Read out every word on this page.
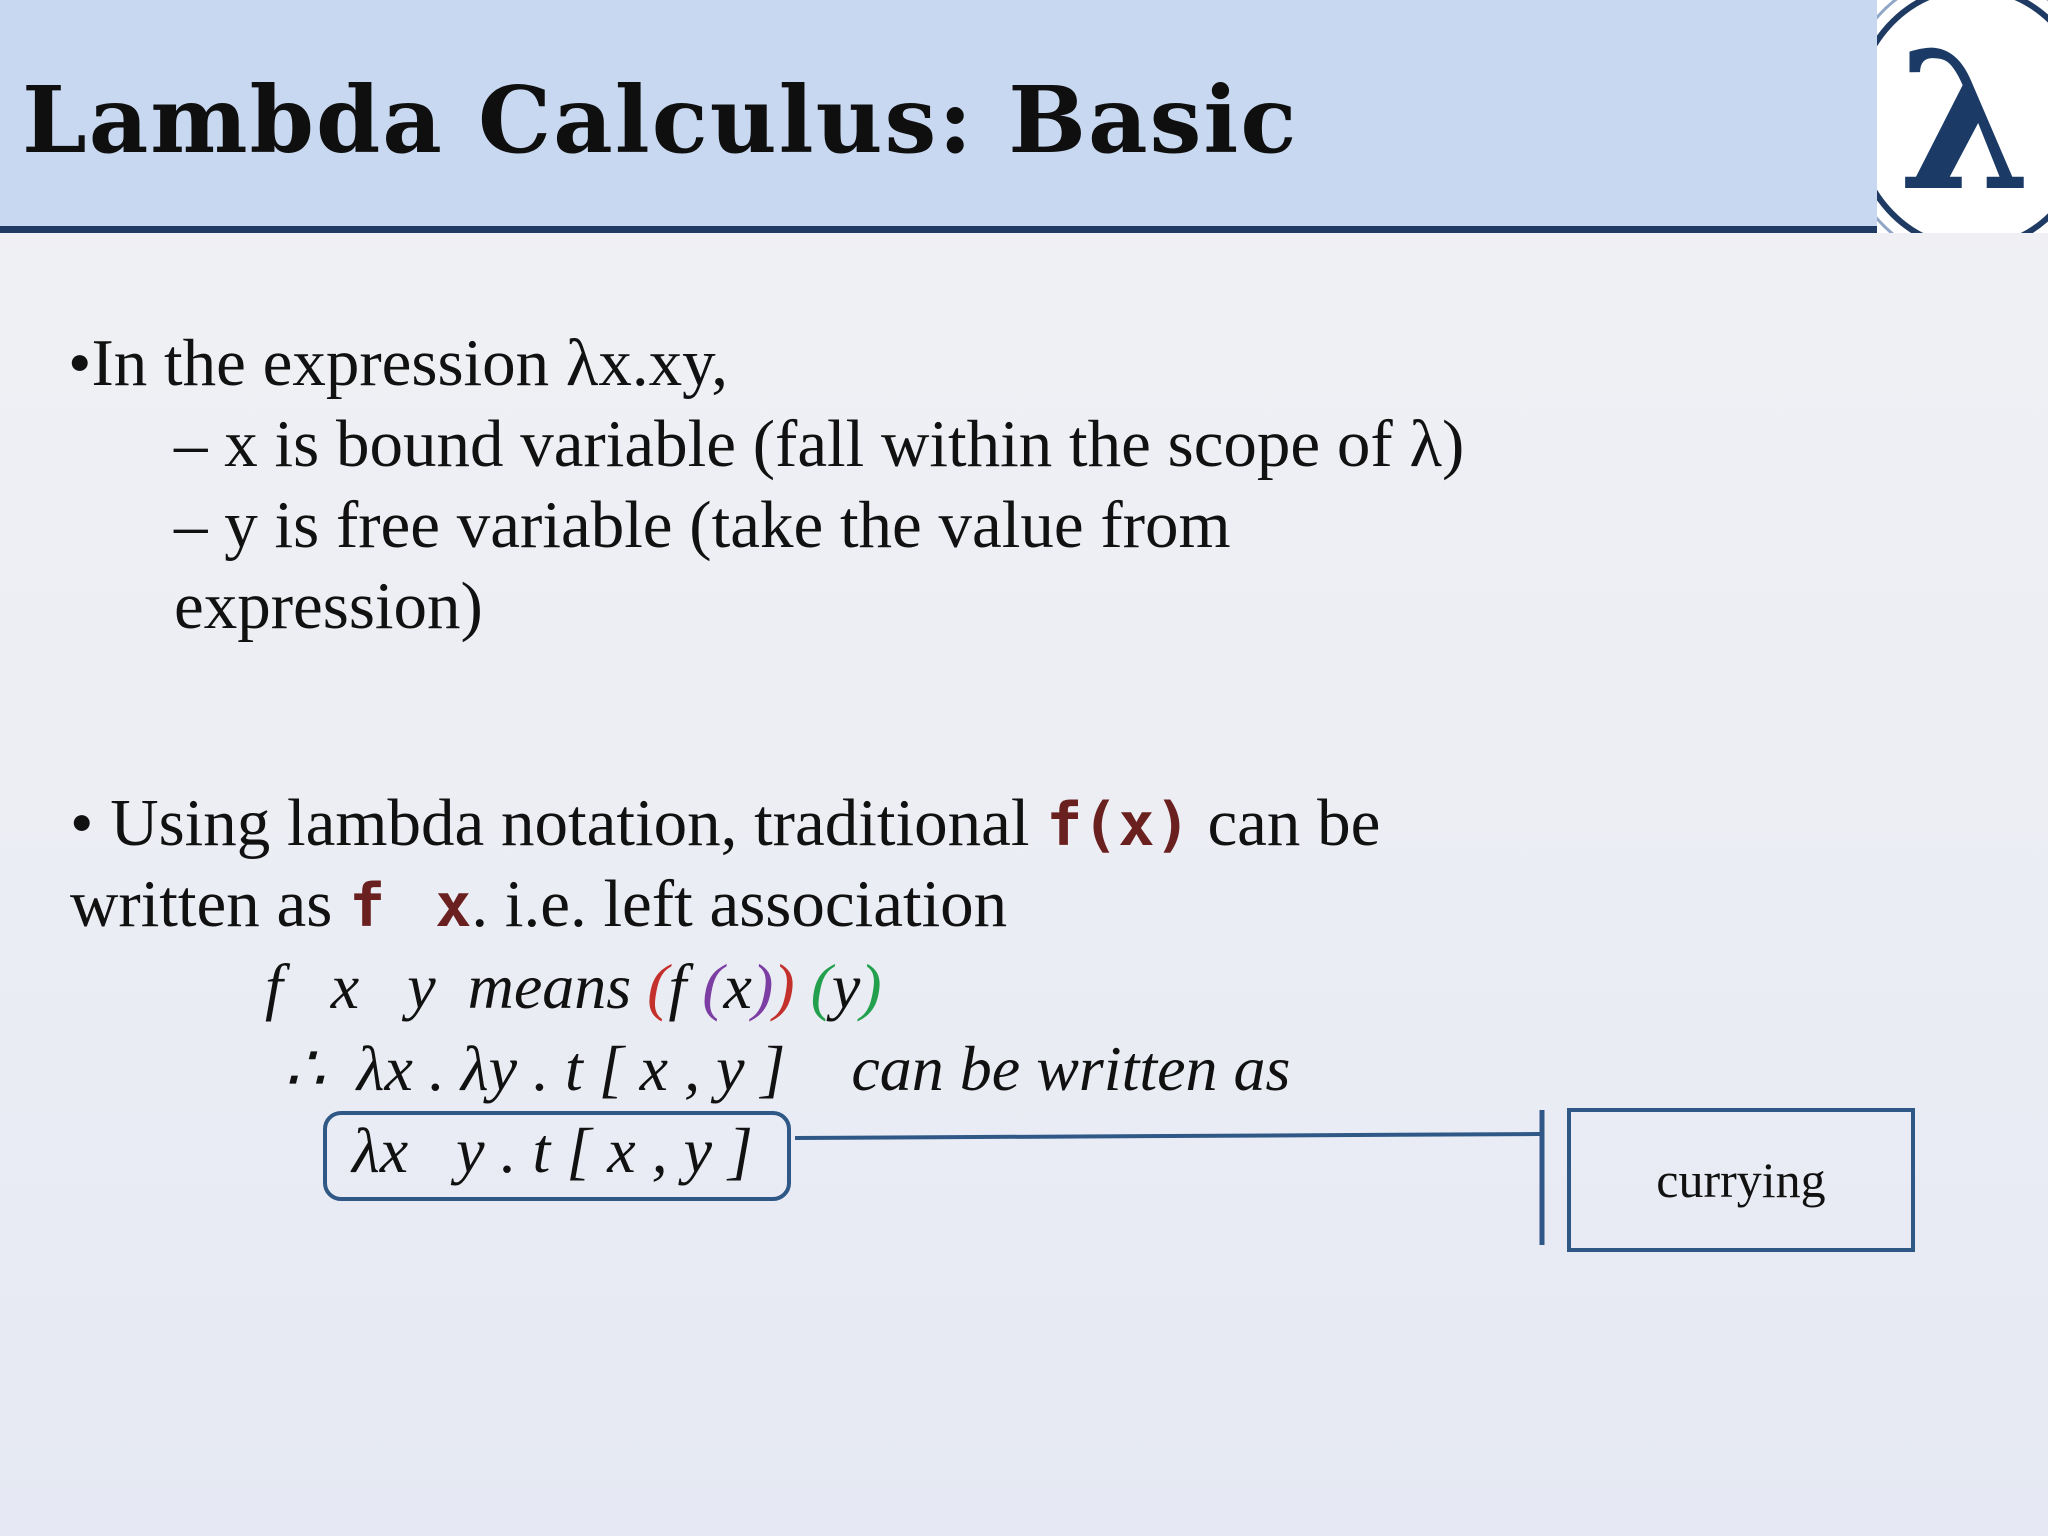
Lambda Calculus: Basic	λ
•In the expression λx.xy,
– x is bound variable (fall within the scope of λ)
– y is free variable (take the value from
expression)
• Using lambda notation, traditional f(x) can be
written as f x. i.e. left association
f   x   y  means (f (x)) (y)
∴  λx . λy . t [ x , y ] can be written as
λx   y . t [ x , y ]	currying
